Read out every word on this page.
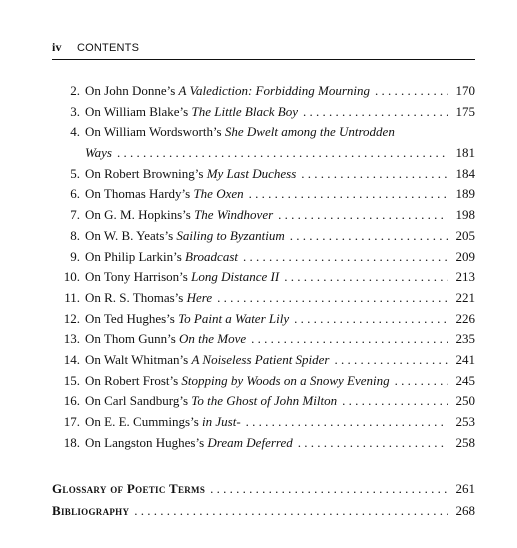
iv CONTENTS
2. On John Donne’s A Valediction: Forbidding Mourning . . .	170
3. On William Blake’s The Little Black Boy . . .	175
4. On William Wordsworth’s She Dwelt among the Untrodden
Ways . . .	181
5. On Robert Browning’s My Last Duchess . . .	184
6. On Thomas Hardy’s The Oxen . . .	189
7. On G. M. Hopkins’s The Windhover . . .	198
8. On W. B. Yeats’s Sailing to Byzantium . . .	205
9. On Philip Larkin’s Broadcast . . .	209
10. On Tony Harrison’s Long Distance II . . .	213
11. On R. S. Thomas’s Here . . .	221
12. On Ted Hughes’s To Paint a Water Lily . . .	226
13. On Thom Gunn’s On the Move . . .	235
14. On Walt Whitman’s A Noiseless Patient Spider . . .	241
15. On Robert Frost’s Stopping by Woods on a Snowy Evening . . .	245
16. On Carl Sandburg’s To the Ghost of John Milton . . .	250
17. On E. E. Cummings’s in Just- . . .	253
18. On Langston Hughes’s Dream Deferred . . .	258
Glossary of Poetic Terms . . .	261
Bibliography . . .	268
